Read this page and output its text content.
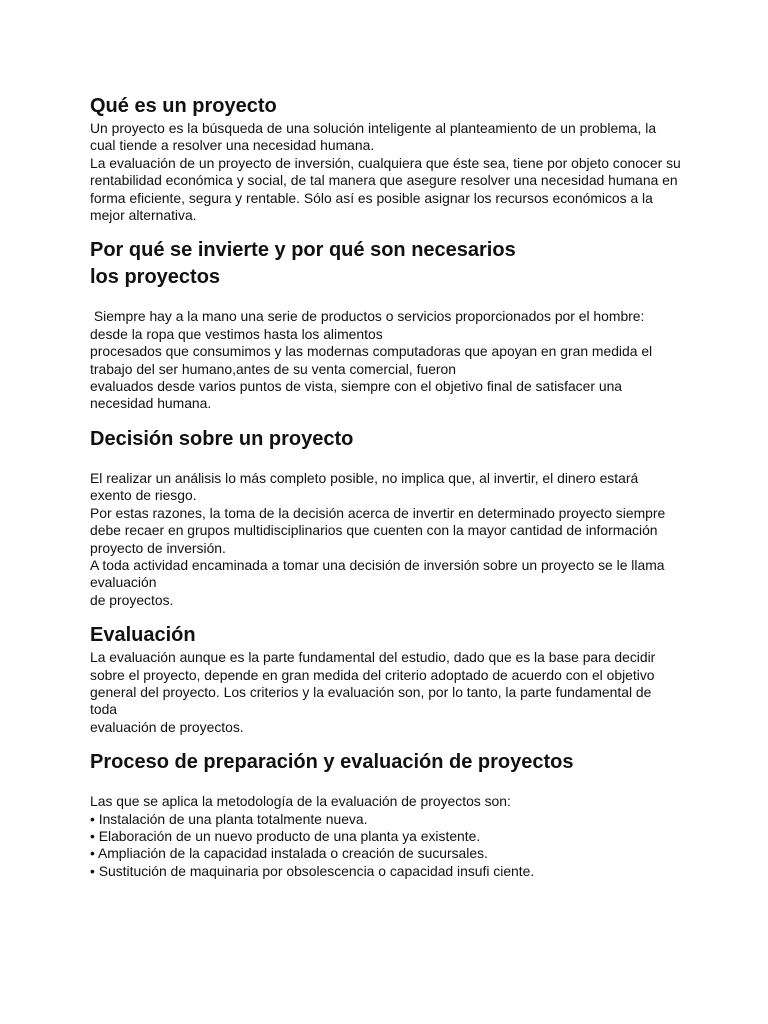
Qué es un proyecto

Un proyecto es la búsqueda de una solución inteligente al planteamiento de un problema, la

cual tiende a resolver una necesidad humana.

La evaluación de un proyecto de inversión, cualquiera que éste sea, tiene por objeto conocer su

rentabilidad económica y social, de tal manera que asegure resolver una necesidad humana en

forma eficiente, segura y rentable. Sólo así es posible asignar los recursos económicos a la

mejor alternativa.

Por qué se invierte y por qué son necesarios
los proyectos

Siempre hay a la mano una serie de productos o servicios proporcionados por el hombre:

desde la ropa que vestimos hasta los alimentos

procesados que consumimos y las modernas computadoras que apoyan en gran medida el

trabajo del ser humano,antes de su venta comercial, fueron

evaluados desde varios puntos de vista, siempre con el objetivo final de satisfacer una

necesidad humana.

Decisión sobre un proyecto

El realizar un análisis lo más completo posible, no implica que, al invertir, el dinero estará

exento de riesgo.

Por estas razones, la toma de la decisión acerca de invertir en determinado proyecto siempre

debe recaer en grupos multidisciplinarios que cuenten con la mayor cantidad de información

proyecto de inversión.

A toda actividad encaminada a tomar una decisión de inversión sobre un proyecto se le llama

evaluación

de proyectos.

Evaluación

La evaluación aunque es la parte fundamental del estudio, dado que es la base para decidir

sobre el proyecto, depende en gran medida del criterio adoptado de acuerdo con el objetivo

general del proyecto. Los criterios y la evaluación son, por lo tanto, la parte fundamental de

toda

evaluación de proyectos.

Proceso de preparación y evaluación de proyectos

Las que se aplica la metodología de la evaluación de proyectos son:

• Instalación de una planta totalmente nueva.

• Elaboración de un nuevo producto de una planta ya existente.

• Ampliación de la capacidad instalada o creación de sucursales.

• Sustitución de maquinaria por obsolescencia o capacidad insufi ciente.
